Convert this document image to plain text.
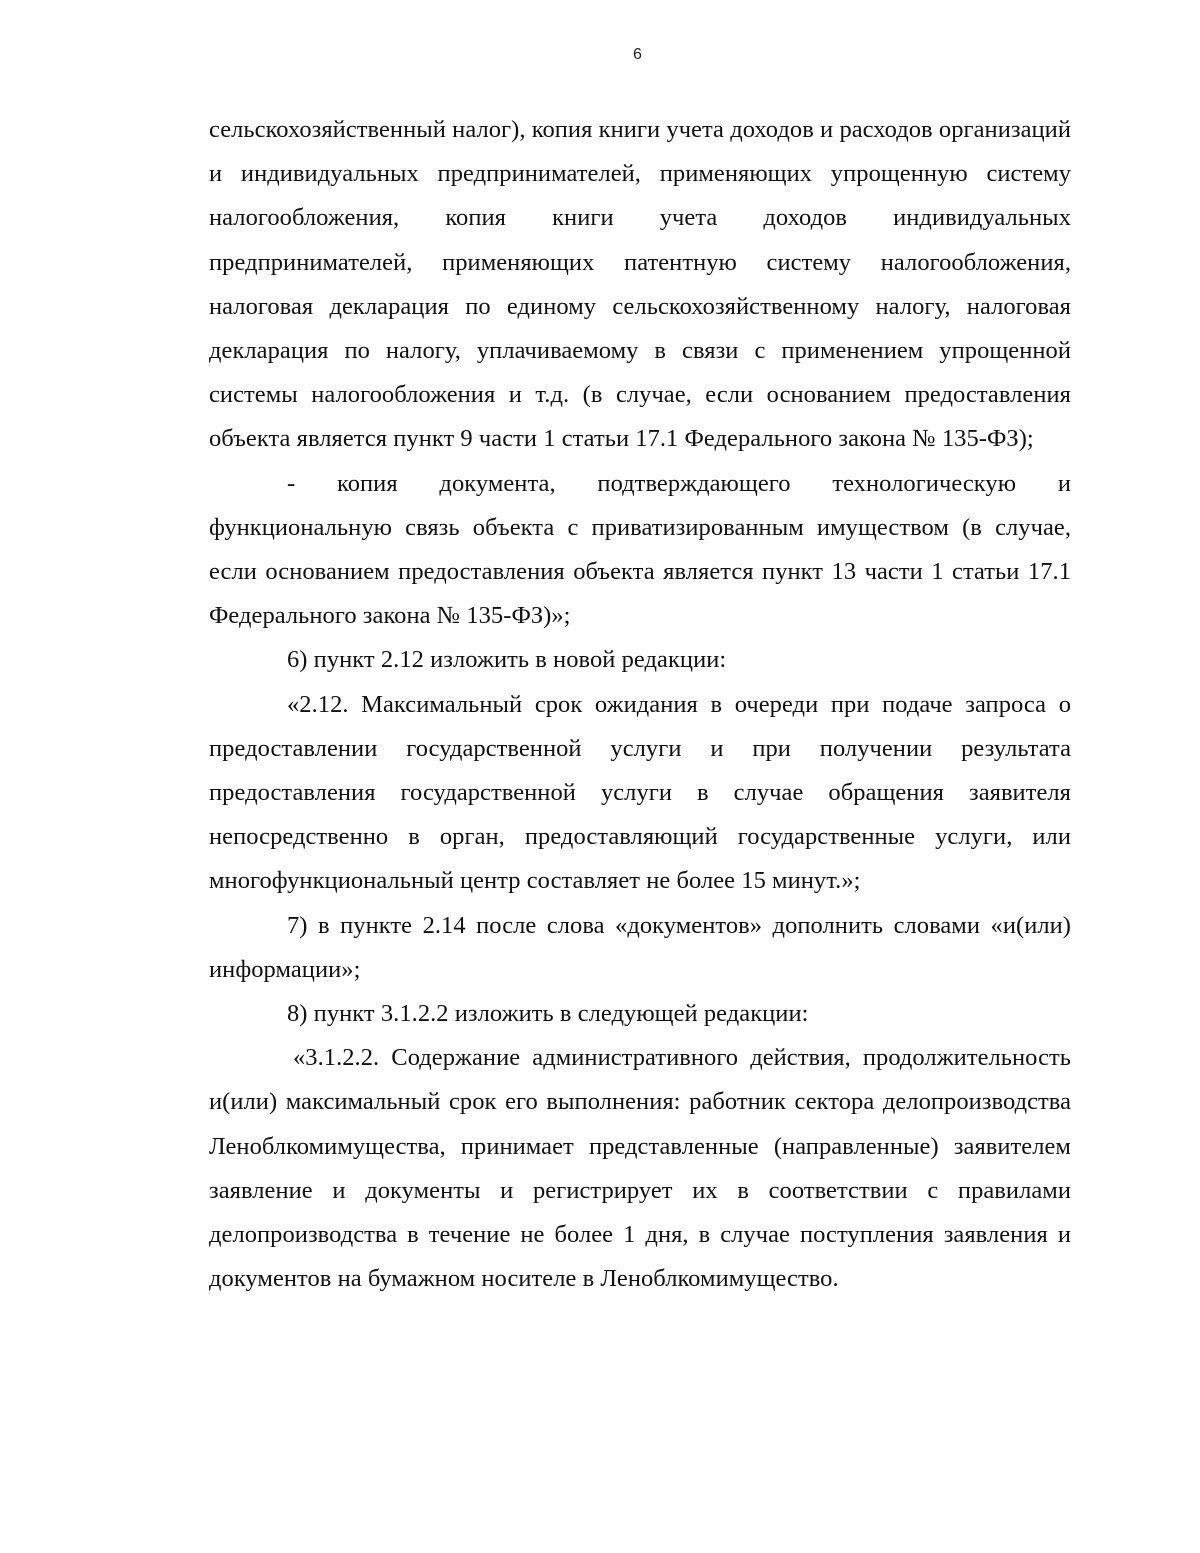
6

сельскохозяйственный налог), копия книги учета доходов и расходов организаций и индивидуальных предпринимателей, применяющих упрощенную систему налогообложения, копия книги учета доходов индивидуальных предпринимателей, применяющих патентную систему налогообложения, налоговая декларация по единому сельскохозяйственному налогу, налоговая декларация по налогу, уплачиваемому в связи с применением упрощенной системы налогообложения и т.д. (в случае, если основанием предоставления объекта является пункт 9 части 1 статьи 17.1 Федерального закона № 135-ФЗ);

- копия документа, подтверждающего технологическую и функциональную связь объекта с приватизированным имуществом (в случае, если основанием предоставления объекта является пункт 13 части 1 статьи 17.1 Федерального закона № 135-ФЗ)»;

6) пункт 2.12 изложить в новой редакции:

«2.12. Максимальный срок ожидания в очереди при подаче запроса о предоставлении государственной услуги и при получении результата предоставления государственной услуги в случае обращения заявителя непосредственно в орган, предоставляющий государственные услуги, или многофункциональный центр составляет не более 15 минут.»;

7) в пункте 2.14 после слова «документов» дополнить словами «и(или) информации»;

8) пункт 3.1.2.2 изложить в следующей редакции:

«3.1.2.2. Содержание административного действия, продолжительность и(или) максимальный срок его выполнения: работник сектора делопроизводства Леноблкомимущества, принимает представленные (направленные) заявителем заявление и документы и регистрирует их в соответствии с правилами делопроизводства в течение не более 1 дня, в случае поступления заявления и документов на бумажном носителе в Леноблкомимущество.
